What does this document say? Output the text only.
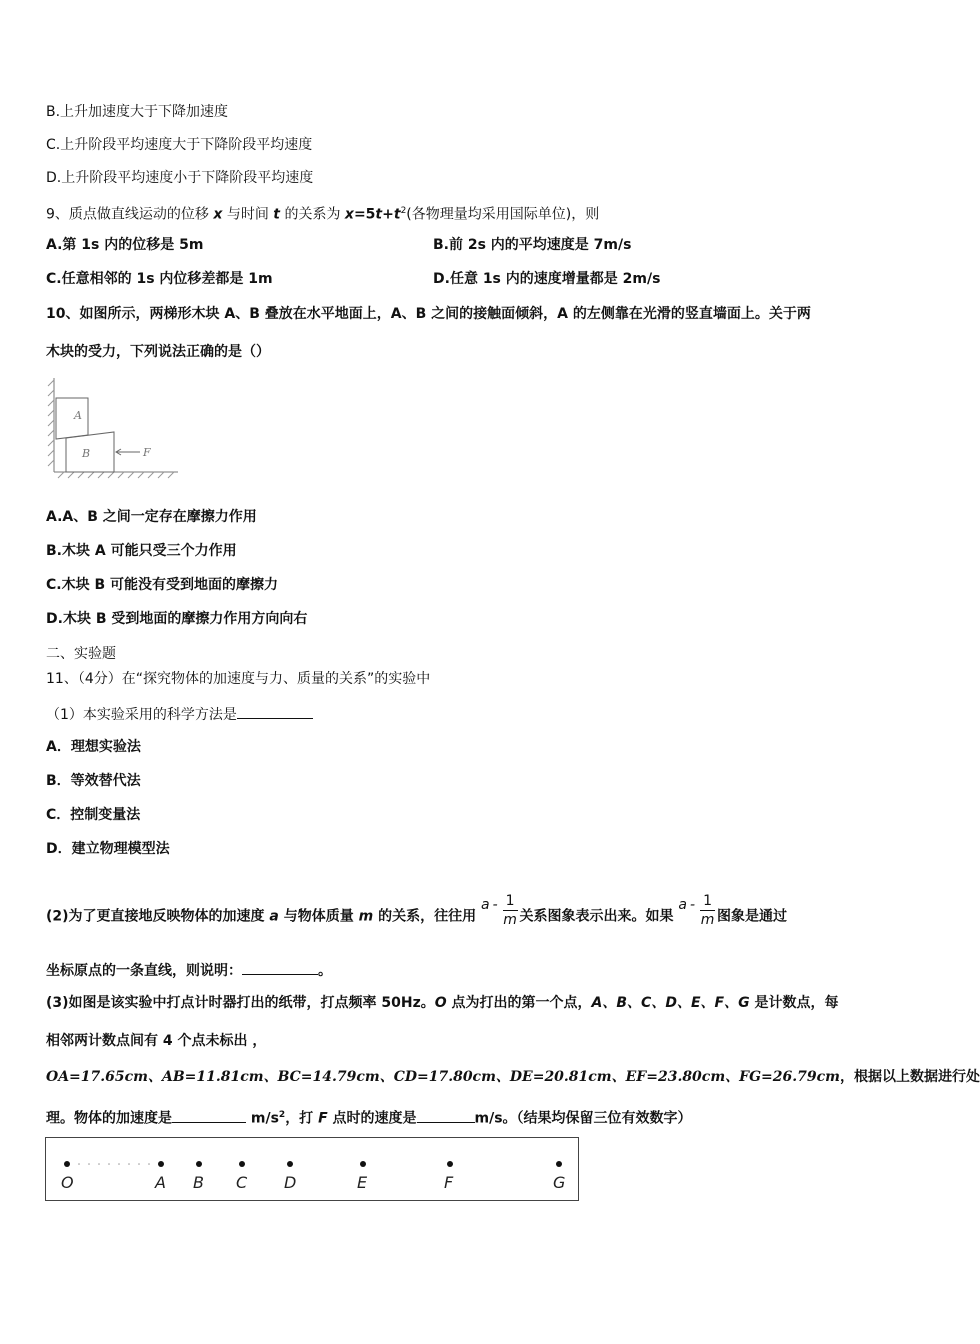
B.上升加速度大于下降加速度
C.上升阶段平均速度大于下降阶段平均速度
D.上升阶段平均速度小于下降阶段平均速度
9、质点做直线运动的位移 x 与时间 t 的关系为 $x=5t+t^2$(各物理量均采用国际单位)，则
A.第 1s 内的位移是 5m	B.前 2s 内的平均速度是 7m/s
C.任意相邻的 1s 内位移差都是 1m	D.任意 1s 内的速度增量都是 2m/s
10、如图所示，两梯形木块 A、B 叠放在水平地面上，A、B 之间的接触面倾斜，A 的左侧靠在光滑的竖直墙面上。关于两
木块的受力，下列说法正确的是（）
A
B	F
A.A、B 之间一定存在摩擦力作用
B.木块 A 可能只受三个力作用
C.木块 B 可能没有受到地面的摩擦力
D.木块 B 受到地面的摩擦力作用方向向右
二、实验题
11、（4分）在“探究物体的加速度与力、质量的关系”的实验中
（1）本实验采用的科学方法是
A．理想实验法
B．等效替代法
C．控制变量法
D．建立物理模型法
(2)为了更直接地反映物体的加速度 a 与物体质量 m 的关系，往往用 a - $\frac{1}{m}$ 关系图象表示出来。如果 a - $\frac{1}{m}$ 图象是通过
坐标原点的一条直线，则说明：	。
(3)如图是该实验中打点计时器打出的纸带，打点频率 50Hz。O 点为打出的第一个点，A、B、C、D、E、F、G 是计数点，每
相邻两计数点间有 4 个点未标出 ，
OA=17.65cm、AB=11.81cm、BC=14.79cm、CD=17.80cm、DE=20.81cm、EF=23.80cm、FG=26.79cm，根据以上数据进行处
理。物体的加速度是	$m/s^2$，打 F 点时的速度是	m/s。（结果均保留三位有效数字）
O	A B C D	E	F	G
